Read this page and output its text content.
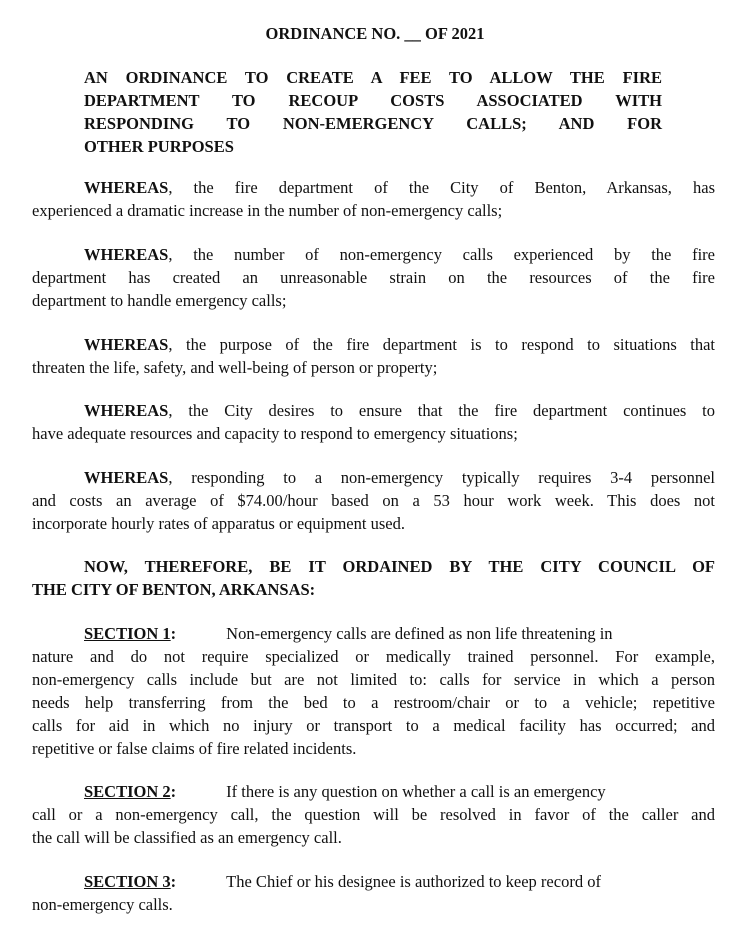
ORDINANCE NO. __ OF 2021
AN ORDINANCE TO CREATE A FEE TO ALLOW THE FIRE
DEPARTMENT TO RECOUP COSTS ASSOCIATED WITH
RESPONDING TO NON-EMERGENCY CALLS; AND FOR
OTHER PURPOSES
WHEREAS, the fire department of the City of Benton, Arkansas, has
experienced a dramatic increase in the number of non-emergency calls;
WHEREAS, the number of non-emergency calls experienced by the fire
department has created an unreasonable strain on the resources of the fire
department to handle emergency calls;
WHEREAS, the purpose of the fire department is to respond to situations that
threaten the life, safety, and well-being of person or property;
WHEREAS, the City desires to ensure that the fire department continues to
have adequate resources and capacity to respond to emergency situations;
WHEREAS, responding to a non-emergency typically requires 3-4 personnel
and costs an average of $74.00/hour based on a 53 hour work week. This does not
incorporate hourly rates of apparatus or equipment used.
NOW, THEREFORE, BE IT ORDAINED BY THE CITY COUNCIL OF
THE CITY OF BENTON, ARKANSAS:
SECTION 1:	Non-emergency calls are defined as non life threatening in
nature and do not require specialized or medically trained personnel. For example,
non-emergency calls include but are not limited to: calls for service in which a person
needs help transferring from the bed to a restroom/chair or to a vehicle; repetitive
calls for aid in which no injury or transport to a medical facility has occurred; and
repetitive or false claims of fire related incidents.
SECTION 2:	If there is any question on whether a call is an emergency
call or a non-emergency call, the question will be resolved in favor of the caller and
the call will be classified as an emergency call.
SECTION 3:	The Chief or his designee is authorized to keep record of
non-emergency calls.
